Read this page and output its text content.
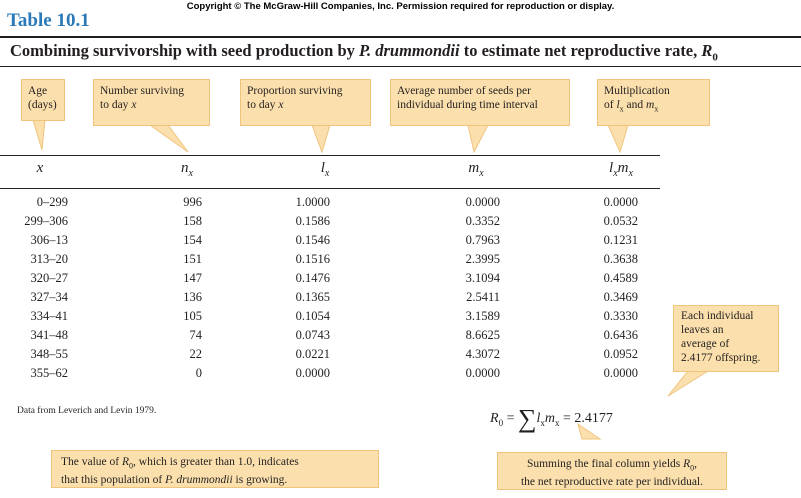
Copyright © The McGraw-Hill Companies, Inc. Permission required for reproduction or display.
Table 10.1
Combining survivorship with seed production by P. drummondii to estimate net reproductive rate, $R_0$
Age
(days)
Number surviving
to day x
Proportion surviving
to day x
Average number of seeds per
individual during time interval
Multiplication
of $l_x$ and $m_x$
x	$n_x$	$l_x$	$m_x$	$l_xm_x$
0–299	996	1.0000	0.0000	0.0000
299–306	158	0.1586	0.3352	0.0532
306–13	154	0.1546	0.7963	0.1231
313–20	151	0.1516	2.3995	0.3638
320–27	147	0.1476	3.1094	0.4589
327–34	136	0.1365	2.5411	0.3469
334–41	105	0.1054	3.1589	0.3330
341–48	74	0.0743	8.6625	0.6436
348–55	22	0.0221	4.3072	0.0952
355–62	0	0.0000	0.0000	0.0000
Each individual
leaves an
average of
2.4177 offspring.
Data from Leverich and Levin 1979.	$R_0 = \sum l_xm_x = 2.4177$
The value of $R_0$, which is greater than 1.0, indicates
that this population of P. drummondii is growing.
Summing the final column yields $R_0$,
the net reproductive rate per individual.
